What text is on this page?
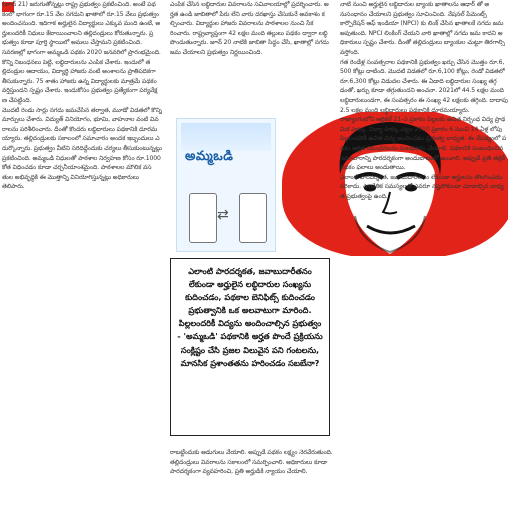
(జూన్ 21) జరుగుతోన్నట్లు రాష్ట్ర ప్రభుత్వం ప్రకటించింది. అంటే పథకంలో భాగంగా రూ.15 వేల నగదుని ఖాతాలో రూ.15 వేలు ప్రభుత్వం అందించనుంది. ఇదిగాక అర్హులైన విద్యార్థులు ఎక్కువ మంది ఉంటే, అర్హులందరికీ నిధులు కేటాయించాలని తల్లిదండ్రులు కోరుతున్నారు. ప్రభుత్వం కూడా పూర్తి స్థాయిలో అమలు చేస్తామని ప్రకటించింది.

సవరణల్లో భాగంగా అమ్మఒడి పథకం 2020 జనవరిలో ప్రారంభమైంది. కొన్ని నిబంధనలు పెట్టి, లబ్ధిదారులను ఎంపిక చేశారు. ఇందులో తల్లిదండ్రుల ఆదాయం, విద్యార్థి హాజరు వంటి అంశాలను ప్రాతిపదికగా తీసుకున్నారు. 75 శాతం హాజరు ఉన్న విద్యార్థులకు మాత్రమే పథకం వర్తిస్తుందని స్పష్టం చేశారు. ఇందుకోసం ప్రభుత్వం ప్రత్యేకంగా పర్యవేక్షణ చేపట్టింది.

మొదటి రెండు సార్లు నగదు జమచేసిన తర్వాత, మూడో విడతలో కొన్ని మార్పులు చేశారు. విద్యుత్ వినియోగం, భూమి, వాహనాల వంటి వివరాలను పరిశీలించారు. దీంతో కొందరు లబ్ధిదారులు పథకానికి దూరమయ్యారు. తల్లిదండ్రులకు సకాలంలో సమాచారం అందక ఇబ్బందులు ఎదుర్కొన్నారు. ప్రభుత్వం వీటిని సరిదిద్దేందుకు చర్యలు తీసుకుంటున్నట్లు ప్రకటించింది. అమ్మఒడి నిధులతో పాఠశాల నిర్వహణ కోసం రూ.1000 కోత విధించడం కూడా చర్చనీయాంశమైంది. పాఠశాలల మౌలిక వసతుల అభివృద్ధికి ఈ మొత్తాన్ని వినియోగిస్తున్నట్లు అధికారులు తెలిపారు.

ఎంపిక చేసిన లబ్ధిదారుల వివరాలను సచివాలయాల్లో ప్రదర్శించారు. అర్హత ఉండి జాబితాలో పేరు లేని వారు దరఖాస్తు చేసుకునే అవకాశం కల్పించారు. విద్యార్థుల హాజరు వివరాలను పాఠశాలల నుంచి సేకరించారు. రాష్ట్రవ్యాప్తంగా 42 లక్షల మంది తల్లులు పథకం ద్వారా లబ్ధి పొందుతున్నారు. జూన్ 20 నాటికి జాబితా సిద్ధం చేసి, ఖాతాల్లో నగదు జమ చేయాలని ప్రభుత్వం నిర్ణయించింది.

అమ్మఒడి
⇄
ఎలాంటి పారదర్శకత, జవాబుదారీతనం లేకుండా అర్హులైన లబ్ధిదారుల సంఖ్యను కుదించడం, పథకాల బెనిఫిట్స్ కుదించడం ప్రభుత్వానికి ఒక అలవాటుగా మారింది. పిల్లలందరికీ విద్యను అందించాల్సిన ప్రభుత్వం - 'అమ్మఒడి' పథకానికి అర్హత పొందే ప్రక్రియను సంక్లిష్టం చేసి ప్రజల విలువైన పని గంటలను, మానసిక ప్రశాంతతను హరించడం సబబేనా?

రాబట్టేందుకు అడుగులు వేయాలి. అప్పుడే పథకం లక్ష్యం నెరవేరుతుంది. తల్లిదండ్రులు వివరాలను సకాలంలో సమర్పించాలి. అధికారులు కూడా పారదర్శకంగా వ్యవహరించి, ప్రతి అర్హుడికి న్యాయం చేయాలి.

నాటి నుంచి అర్హులైన లబ్ధిదారుల బ్యాంకు ఖాతాలను ఆధార్ తో అనుసంధానం చేయాలని ప్రభుత్వం సూచించింది. నేషనల్ పేమెంట్స్ కార్పొరేషన్ ఆఫ్ ఇండియా (NPCI) కు లింక్ చేసిన ఖాతాలకే నగదు జమ అవుతుంది. NPCI లింకింగ్ చేయని వారి ఖాతాల్లో నగదు జమ కాదని అధికారులు స్పష్టం చేశారు. దీంతో తల్లిదండ్రులు బ్యాంకుల చుట్టూ తిరగాల్సి వస్తోంది.

గత రెండేళ్ల సంవత్సరాల పథకానికి ప్రభుత్వం ఖర్చు చేసిన మొత్తం రూ.6,500 కోట్లు దాటింది. మొదటి విడతలో రూ.6,100 కోట్లు, రెండో విడతలో రూ.6,300 కోట్లు విడుదల చేశారు. ఈ ఏడాది లబ్ధిదారుల సంఖ్య తగ్గడంతో, ఖర్చు కూడా తగ్గుతుందని అంచనా. 2021లో 44.5 లక్షల మంది లబ్ధిదారులుండగా, ఈ సంవత్సరం ఈ సంఖ్య 42 లక్షలకు తగ్గింది. దాదాపు 2.5 లక్షల మంది లబ్ధిదారులు పథకానికి దూరమయ్యారు.

రాజ్యాంగంలోని ఆర్టికల్ 21-ఎ ప్రకారం పిల్లలకు ఉచిత నిర్బంధ విద్య ప్రాథమిక హక్కు. విద్యా హక్కు చట్టం 2010 ప్రకారం 6 నుంచి 14 ఏళ్ల లోపు పిల్లలందరికీ ఉచిత విద్య అందించడం ప్రభుత్వ బాధ్యత. ఈ నేపథ్యంలో పథకం అర్హత నిబంధనలను సులభతరం చేయాలి. పథకానికి సంబంధించిన సమాచారాన్ని పారదర్శకంగా అందుబాటులో ఉంచాలి. అప్పుడే ప్రతి తల్లికీ పథకం ఫలాలు అందుతాయి.

ఎలాంటి పారదర్శకత, జవాబుదారీతనం లేకుండా అర్హులను తొలగించడం సరికాదు. సాంకేతిక సమస్యలతో ఎవరూ నష్టపోకుండా చూడాల్సిన బాధ్యత ప్రభుత్వంపై ఉంది.
